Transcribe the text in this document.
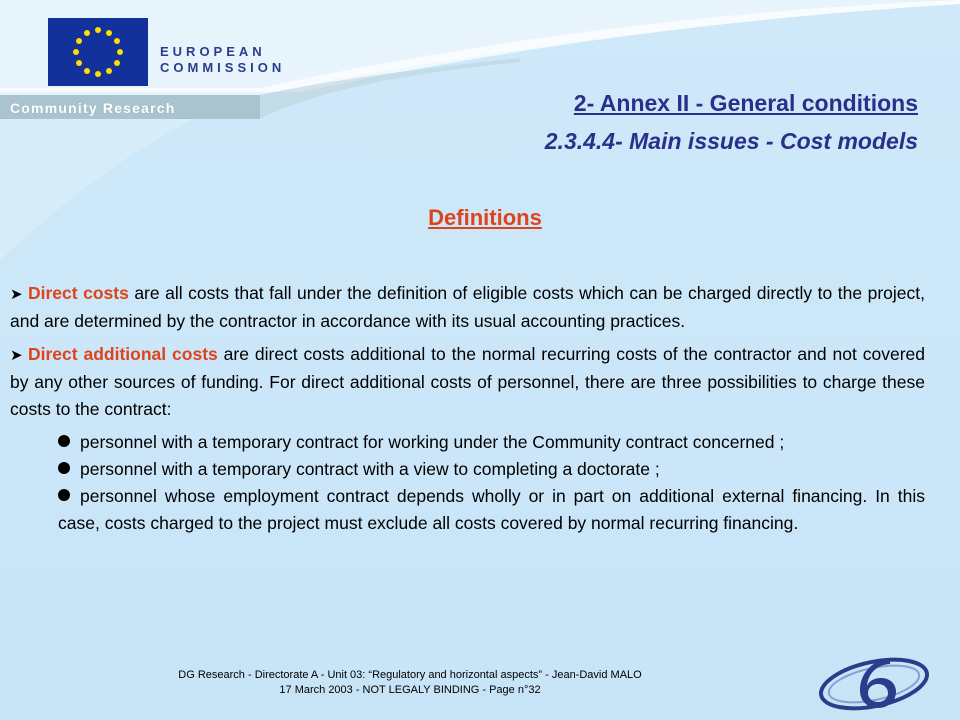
EUROPEAN
COMMISSION
Community Research	2- Annex II - General conditions
2.3.4.4- Main issues - Cost models
Definitions

➤ Direct costs are all costs that fall under the definition of eligible costs which can be charged directly to the project, and are determined by the contractor in accordance with its usual accounting practices.

➤ Direct additional costs are direct costs additional to the normal recurring costs of the contractor and not covered by any other sources of funding. For direct additional costs of personnel, there are three possibilities to charge these costs to the contract:

personnel with a temporary contract for working under the Community contract concerned ;

personnel with a temporary contract with a view to completing a doctorate ;

personnel whose employment contract depends wholly or in part on additional external financing. In this case, costs charged to the project must exclude all costs covered by normal recurring financing.

DG Research - Directorate A - Unit 03: “Regulatory and horizontal aspects” - Jean-David MALO
17 March 2003 - NOT LEGALY BINDING - Page n°32
